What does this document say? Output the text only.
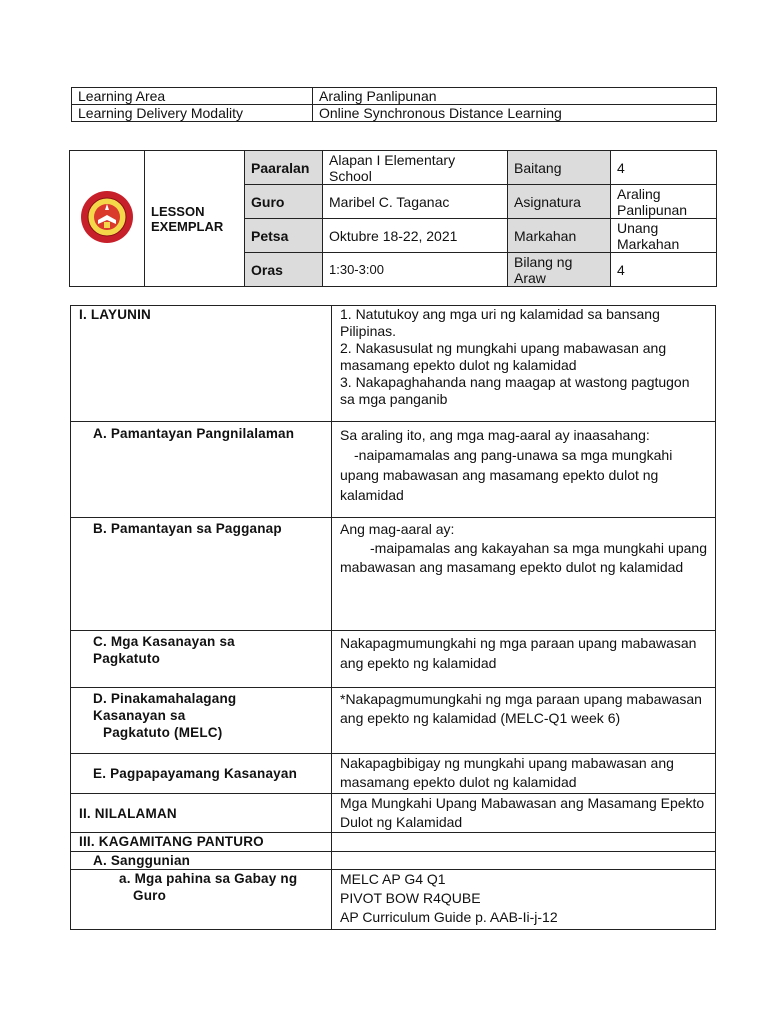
Learning Area	Araling Panlipunan
Learning Delivery Modality	Online Synchronous Distance Learning

LESSON
EXEMPLAR	Paaralan	Alapan I Elementary School	Baitang	4
		Guro	Maribel C. Taganac	Asignatura	Araling Panlipunan
		Petsa	Oktubre 18-22, 2021	Markahan	Unang Markahan
		Oras	1:30-3:00	Bilang ng Araw	4
I. LAYUNIN	1. Natutukoy ang mga uri ng kalamidad sa bansang Pilipinas.
2. Nakasusulat ng mungkahi upang mabawasan ang masamang epekto dulot ng kalamidad
3. Nakapaghahanda nang maagap at wastong pagtugon sa mga panganib

A. Pamantayan Pangnilalaman	Sa araling ito, ang mga mag-aaral ay inaasahang:
-naipamamalas ang pang-unawa sa mga mungkahi upang mabawasan ang masamang epekto dulot ng kalamidad

B. Pamantayan sa Pagganap	Ang mag-aaral ay:
-maipamalas ang kakayahan sa mga mungkahi upang mabawasan ang masamang epekto dulot ng kalamidad

C. Mga Kasanayan sa
Pagkatuto	Nakapagmumungkahi ng mga paraan upang mabawasan ang epekto ng kalamidad

D. Pinakamahalagang
Kasanayan sa
Pagkatuto (MELC)	*Nakapagmumungkahi ng mga paraan upang mabawasan ang epekto ng kalamidad (MELC-Q1 week 6)
E. Pagpapayamang Kasanayan	Nakapagbibigay ng mungkahi upang mabawasan ang masamang epekto dulot ng kalamidad
II. NILALAMAN	Mga Mungkahi Upang Mabawasan ang Masamang Epekto Dulot ng Kalamidad
III. KAGAMITANG PANTURO	
A. Sanggunian	

a. Mga pahina sa Gabay ng
Guro	MELC AP G4 Q1
PIVOT BOW R4QUBE
AP Curriculum Guide p. AAB-Ii-j-12
